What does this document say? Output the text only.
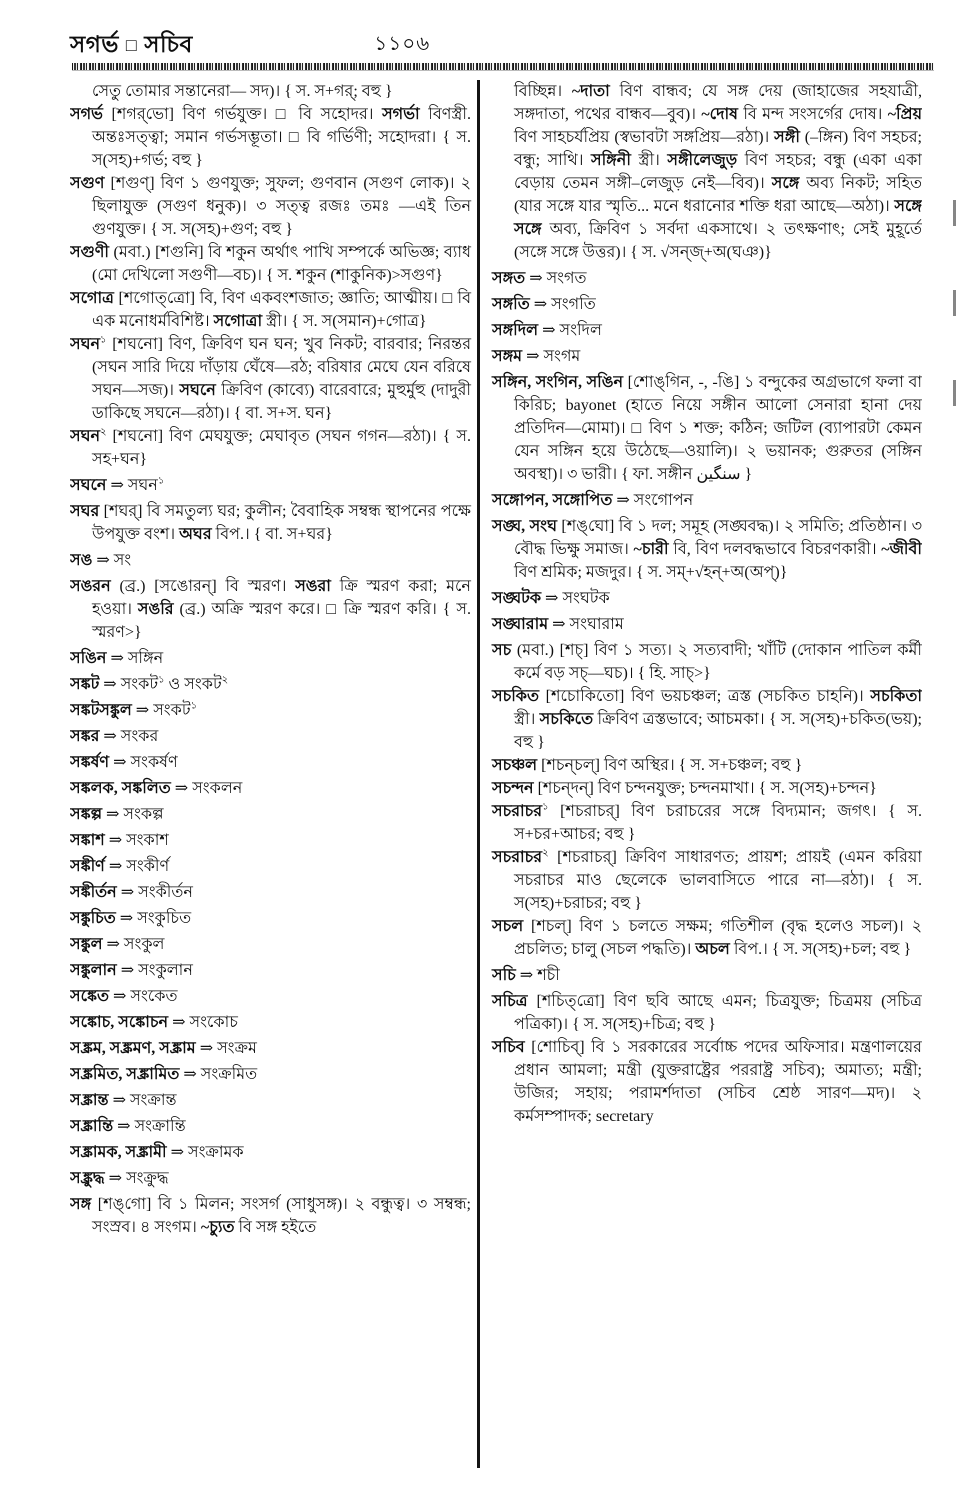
সগর্ভ □ সচিব	১১০৬

সেতু তোমার সন্তানেরা— সদ)। { স. স+গর্; বহু }

সগর্ভ [শগর্‌ভো] বিণ গর্ভযুক্ত। □ বি সহোদর। সগর্ভা বিণস্ত্রী. অন্তঃসত্ত্বা; সমান গর্ভসম্ভূতা। □ বি গর্ভিণী; সহোদরা। { স. স(সহ)+গর্ভ; বহু }

সগুণ [শগুণ্] বিণ ১ গুণযুক্ত; সুফল; গুণবান (সগুণ লোক)। ২ ছিলাযুক্ত (সগুণ ধনুক)। ৩ সত্ত্ব রজঃ তমঃ —এই তিন গুণযুক্ত। { স. স(সহ)+গুণ; বহু }

সগুণী (মবা.) [শগুনি] বি শকুন অর্থাৎ পাখি সম্পর্কে অভিজ্ঞ; ব্যাধ (মো দেখিলো সগুণী—বচ)। { স. শকুন (শাকুনিক)>সগুণ}

সগোত্র [শগোত্‌ত্রো] বি, বিণ একবংশজাত; জ্ঞাতি; আত্মীয়। □ বি এক মনোধর্মবিশিষ্ট। সগোত্রা স্ত্রী। { স. স(সমান)+গোত্র}

সঘন$^১$ [শঘনো] বিণ, ক্রিবিণ ঘন ঘন; খুব নিকট; বারবার; নিরন্তর (সঘন সারি দিয়ে দাঁড়ায় ঘেঁষে—রঠ; বরিষার মেঘে যেন বরিষে সঘন—সজ)। সঘনে ক্রিবিণ (কাব্যে) বারেবারে; মুহুর্মুহু (দাদুরী ডাকিছে সঘনে—রঠা)। { বা. স+স. ঘন}

সঘন$^২$ [শঘনো] বিণ মেঘযুক্ত; মেঘাবৃত (সঘন গগন—রঠা)। { স. সহ+ঘন}

সঘনে ⇒ সঘন$^১$

সঘর [শঘর্] বি সমতুল্য ঘর; কুলীন; বৈবাহিক সম্বন্ধ স্থাপনের পক্ষে উপযুক্ত বংশ। অঘর বিপ.। { বা. স+ঘর}

সঙ ⇒ সং

সঙরন (ব্র.) [সঙোরন্] বি স্মরণ। সঙরা ক্রি স্মরণ করা; মনে হওয়া। সঙরি (ব্র.) অক্রি স্মরণ করে। □ ক্রি স্মরণ করি। { স. স্মরণ>}

সঙিন ⇒ সঙ্গিন

সঙ্কট ⇒ সংকট$^১$ ও সংকট$^২$

সঙ্কটসঙ্কুল ⇒ সংকট$^১$

সঙ্কর ⇒ সংকর

সঙ্কর্ষণ ⇒ সংকর্ষণ

সঙ্কলক, সঙ্কলিত ⇒ সংকলন

সঙ্কল্প ⇒ সংকল্প

সঙ্কাশ ⇒ সংকাশ

সঙ্কীর্ণ ⇒ সংকীর্ণ

সঙ্কীর্তন ⇒ সংকীর্তন

সঙ্কুচিত ⇒ সংকুচিত

সঙ্কুল ⇒ সংকুল

সঙ্কুলান ⇒ সংকুলান

সঙ্কেত ⇒ সংকেত

সঙ্কোচ, সঙ্কোচন ⇒ সংকোচ

সঙ্ক্রম, সঙ্ক্রমণ, সঙ্ক্রাম ⇒ সংক্রম

সঙ্ক্রমিত, সঙ্ক্রামিত ⇒ সংক্রমিত

সঙ্ক্রান্ত ⇒ সংক্রান্ত

সঙ্ক্রান্তি ⇒ সংক্রান্তি

সঙ্ক্রামক, সঙ্ক্রামী ⇒ সংক্রামক

সঙ্ক্রুদ্ধ ⇒ সংক্রুদ্ধ

সঙ্গ [শঙ্‌গো] বি ১ মিলন; সংসর্গ (সাধুসঙ্গ)। ২ বন্ধুত্ব। ৩ সম্বন্ধ; সংস্রব। ৪ সংগম। ~চ্যুত বি সঙ্গ হইতে

বিচ্ছিন্ন। ~দাতা বিণ বান্ধব; যে সঙ্গ দেয় (জাহাজের সহযাত্রী, সঙ্গদাতা, পথের বান্ধব—বুব)। ~দোষ বি মন্দ সংসর্গের দোষ। ~প্রিয় বিণ সাহচর্যপ্রিয় (স্বভাবটা সঙ্গপ্রিয়—রঠা)। সঙ্গী (–ঙ্গিন) বিণ সহচর; বন্ধু; সাথি। সঙ্গিনী স্ত্রী। সঙ্গীলেজুড় বিণ সহচর; বন্ধু (একা একা বেড়ায় তেমন সঙ্গী–লেজুড় নেই—বিব)। সঙ্গে অব্য নিকট; সহিত (যার সঙ্গে যার স্মৃতি... মনে ধরানোর শক্তি ধরা আছে—অঠা)। সঙ্গে সঙ্গে অব্য, ক্রিবিণ ১ সর্বদা একসাথে। ২ তৎক্ষণাৎ; সেই মুহূর্তে (সঙ্গে সঙ্গে উত্তর)। { স. √সন্‌জ্+অ(ঘঞ)}

সঙ্গত ⇒ সংগত

সঙ্গতি ⇒ সংগতি

সঙ্গদিল ⇒ সংদিল

সঙ্গম ⇒ সংগম

সঙ্গিন, সংগিন, সঙিন [শোঙ্‌গিন, -, -ঙি] ১ বন্দুকের অগ্রভাগে ফলা বা কিরিচ; bayonet (হাতে নিয়ে সঙ্গীন আলো সেনারা হানা দেয় প্রতিদিন—মোমা)। □ বিণ ১ শক্ত; কঠিন; জটিল (ব্যাপারটা কেমন যেন সঙ্গিন হয়ে উঠেছে—ওয়ালি)। ২ ভয়ানক; গুরুতর (সঙ্গিন অবস্থা)। ৩ ভারী। { ফা. সঙ্গীন سنگين }

সঙ্গোপন, সঙ্গোপিত ⇒ সংগোপন

সঙ্ঘ, সংঘ [শঙ্‌ঘো] বি ১ দল; সমূহ (সঙ্ঘবদ্ধ)। ২ সমিতি; প্রতিষ্ঠান। ৩ বৌদ্ধ ভিক্ষু সমাজ। ~চারী বি, বিণ দলবদ্ধভাবে বিচরণকারী। ~জীবী বিণ শ্রমিক; মজদুর। { স. সম্+√হন্+অ(অপ্)}

সঙ্ঘটক ⇒ সংঘটক

সঙ্ঘারাম ⇒ সংঘারাম

সচ (মবা.) [শচ্] বিণ ১ সত্য। ২ সত্যবাদী; খাঁটি (দোকান পাতিল কর্মী কর্মে বড় সচ্—ঘচ)। { হি. সাচ্>}

সচকিত [শচোকিতো] বিণ ভয়চঞ্চল; ত্রস্ত (সচকিত চাহনি)। সচকিতা স্ত্রী। সচকিতে ক্রিবিণ ত্রস্তভাবে; আচমকা। { স. স(সহ)+চকিত(ভয়); বহু }

সচঞ্চল [শচন্‌চল্] বিণ অস্থির। { স. স+চঞ্চল; বহু }

সচন্দন [শচন্‌দন্] বিণ চন্দনযুক্ত; চন্দনমাখা। { স. স(সহ)+চন্দন}

সচরাচর$^১$ [শচরাচর্] বিণ চরাচরের সঙ্গে বিদ্যমান; জগৎ। { স. স+চর+আচর; বহু }

সচরাচর$^২$ [শচরাচর্] ক্রিবিণ সাধারণত; প্রায়শ; প্রায়ই (এমন করিয়া সচরাচর মাও ছেলেকে ভালবাসিতে পারে না—রঠা)। { স. স(সহ)+চরাচর; বহু }

সচল [শচল্] বিণ ১ চলতে সক্ষম; গতিশীল (বৃদ্ধ হলেও সচল)। ২ প্রচলিত; চালু (সচল পদ্ধতি)। অচল বিপ.। { স. স(সহ)+চল; বহু }

সচি ⇒ শচী

সচিত্র [শচিত্‌ত্রো] বিণ ছবি আছে এমন; চিত্রযুক্ত; চিত্রময় (সচিত্র পত্রিকা)। { স. স(সহ)+চিত্র; বহু }

সচিব [শোচিব্] বি ১ সরকারের সর্বোচ্চ পদের অফিসার। মন্ত্রণালয়ের প্রধান আমলা; মন্ত্রী (যুক্তরাষ্ট্রের পররাষ্ট্র সচিব); অমাত্য; মন্ত্রী; উজির; সহায়; পরামর্শদাতা (সচিব শ্রেষ্ঠ সারণ—মদ)। ২ কর্মসম্পাদক; secretary
